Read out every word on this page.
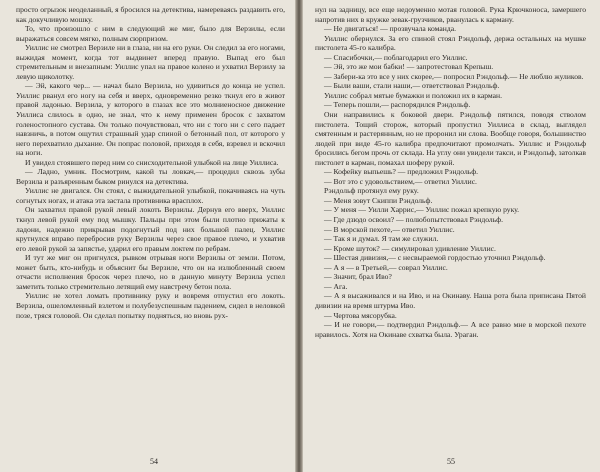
просто огрызок неоделанный, я бросился на детектива, намереваясь раздавить его, как докучливую мошку.

То, что произошло с ним в следующий же миг, было для Верзилы, если выражаться совсем мягко, полным сюрпризом.

Уиллис не смотрел Верзиле ни в глаза, ни на его руки. Он следил за его ногами, выжидая момент, когда тот выдвинет вперед правую. Выпад его был стремительным и внезапным: Уиллис упал на правое колено и ухватил Верзилу за левую щиколотку.

— Эй, какого чер... — начал было Верзила, но удивиться до конца не успел. Уиллис рванул его ногу на себя и вверх, одновременно резко ткнул его в живот правой ладонью. Верзила, у которого в глазах все это молниеносное движение Уиллиса слилось в одно, не знал, что к нему применен бросок с захватом голеностопного сустава. Он только почувствовал, что ни с того ни с сего падает навзничь, в потом ощутил страшный удар спиной о бетонный пол, от которого у него перехватило дыхание. Он попрас половой, приходя в себя, взревел и вскочил на ноги.

И увидел стоявшего перед ним со снисходительной улыбкой на лице Уиллиса.

— Ладно, умник. Посмотрим, какой ты ловкач,— процедил сквозь зубы Верзила и разъяренным быком ринулся на детектива.

Уиллис не двигался. Он стоял, с выжидательной улыбкой, покачиваясь на чуть согнутых ногах, и атака эта застала противника врасплох.

Он захватил правой рукой левый локоть Верзилы. Дернув его вверх, Уиллис ткнул левой рукой ему под мышку. Пальцы при этом были плотно прижаты к ладони, надежно прикрывая подогнутый под них большой палец. Уиллис крутнулся вправо перебросив руку Верзилы через свое правое плечо, и ухватив его левой рукой за запястье, ударил его правым локтем по ребрам.

И тут же миг он пригнулся, рывком отрывая ноги Верзилы от земли. Потом, может быть, кто-нибудь и объяснит бы Верзиле, что он на излюбленный своем отчасти исполнения бросок через плечо, но в данную минуту Верзила успел заметить только стремительно летящий ему навстречу бетон пола.

Уиллис не хотел ломать противнику руку и вовремя отпустил его локоть. Верзила, ошеломленный взлетом и полубезуспешным падением, сидел в неловкой позе, тряся головой. Он сделал попытку подняться, но вновь рух-

54

нул на задницу, все еще недоуменно мотая головой. Рука Крючконоса, замершего напротив них в кружке зевак-грузчиков, рванулась к карману.

— Не двигаться! — прозвучала команда.

Уиллис обернулся. За его спиной стоял Рэндольф, держа остальных на мушке пистолета 45-го калибра.

— Спасибочки,— поблагодарил его Уиллис.

— Эй, это же мои бабки! — запротестовал Крепыш.

— Забери-ка это все у них скорее,— попросил Рэндольф.— Не люблю жуликов.

— Были ваши, стали наши,— ответствовал Рэндольф.

Уиллис собрал мятые бумажки и положил их в карман.

— Теперь пошли,— распорядился Рэндольф.

Они направились к боковой двери. Рэндольф пятился, поводя стволом пистолета. Тощий сторож, который пропустил Уиллиса в склад, выглядел смятенным и растерянным, но не проронил ни слова. Вообще говоря, большинство людей при виде 45-го калибра предпочитают промолчать. Уиллис и Рэндольф бросились бегом прочь от склада. На углу они увидели такси, и Рэндольф, затолкав пистолет в карман, помахал шоферу рукой.

— Кофейку выпьешь? — предложил Рэндольф.

— Вот это с удовольствием,— ответил Уиллис.

Рэндольф протянул ему руку.

— Меня зовут Скиппи Рэндольф.

— У меня — Уилли Харрис,— Уиллис пожал крепкую руку.

— Где дзюдо освоил? — полюбопытствовал Рэндольф.

— В морской пехоте,— ответил Уиллис.

— Так я и думал. Я там же служил.

— Кроме шуток? — симулировал удивление Уиллис.

— Шестая дивизия,— с несвыраемой гордостью уточнил Рэндольф.

— А я — в Третьей,— соврал Уиллис.

— Значит, брал Иво?

— Ага.

— А я высаживался и на Иво, и на Окинаву. Наша рота была приписана Пятой дивизии на время штурма Иво.

— Чертова мясорубка.

— И не говори,— подтвердил Рэндольф.— А все равно мне в морской пехоте нравилось. Хотя на Окинаве схватка была. Ураган.

55
